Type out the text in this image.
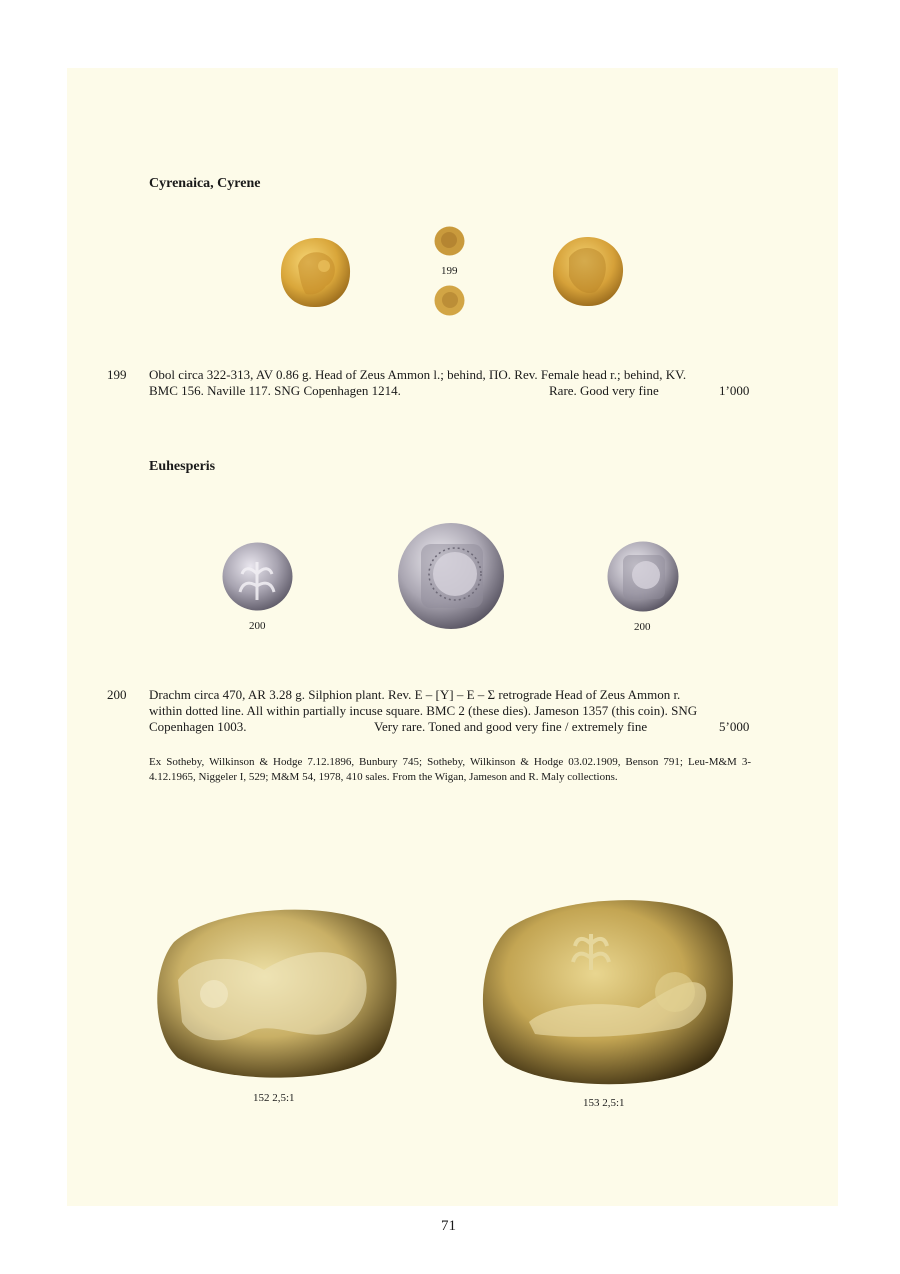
Cyrenaica, Cyrene
199
199 Obol circa 322-313, AV 0.86 g. Head of Zeus Ammon l.; behind, ΠΟ. Rev. Female head r.; behind, KV.
BMC 156. Naville 117. SNG Copenhagen 1214.	Rare. Good very fine	1’000
Euhesperis
200	200
200 Drachm circa 470, AR 3.28 g. Silphion plant. Rev. E – [Y] – E – Σ retrograde Head of Zeus Ammon r.
within dotted line. All within partially incuse square. BMC 2 (these dies). Jameson 1357 (this coin). SNG
Copenhagen 1003.	Very rare. Toned and good very fine / extremely fine	5’000
Ex Sotheby, Wilkinson & Hodge 7.12.1896, Bunbury 745; Sotheby, Wilkinson & Hodge 03.02.1909, Benson 791; Leu-M&M 3-4.12.1965, Niggeler I, 529; M&M 54, 1978, 410 sales. From the Wigan, Jameson and R. Maly collections.
152 2,5:1	153 2,5:1
71
